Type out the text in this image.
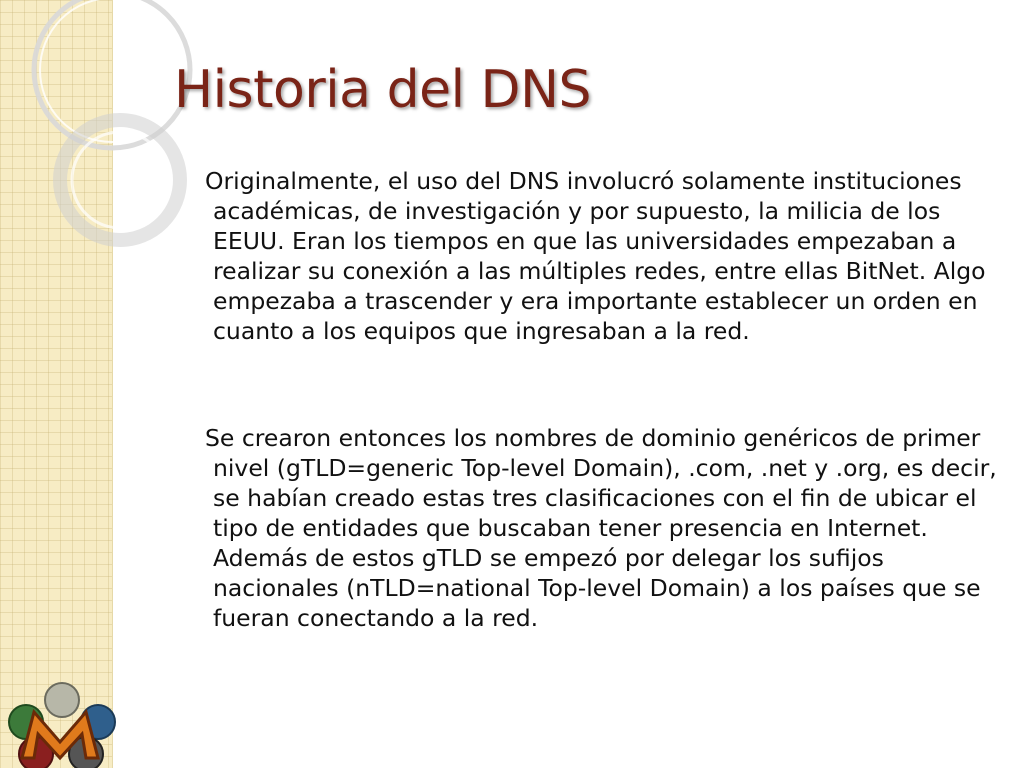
Historia del DNS
Originalmente, el uso del DNS involucró solamente instituciones académicas, de investigación y por supuesto, la milicia de los EEUU. Eran los tiempos en que las universidades empezaban a realizar su conexión a las múltiples redes, entre ellas BitNet. Algo empezaba a trascender y era importante establecer un orden en cuanto a los equipos que ingresaban a la red.
Se crearon entonces los nombres de dominio genéricos de primer nivel (gTLD=generic Top-level Domain), .com, .net y .org, es decir, se habían creado estas tres clasificaciones con el fin de ubicar el tipo de entidades que buscaban tener presencia en Internet. Además de estos gTLD se empezó por delegar los sufijos nacionales (nTLD=national Top-level Domain) a los países que se fueran conectando a la red.
